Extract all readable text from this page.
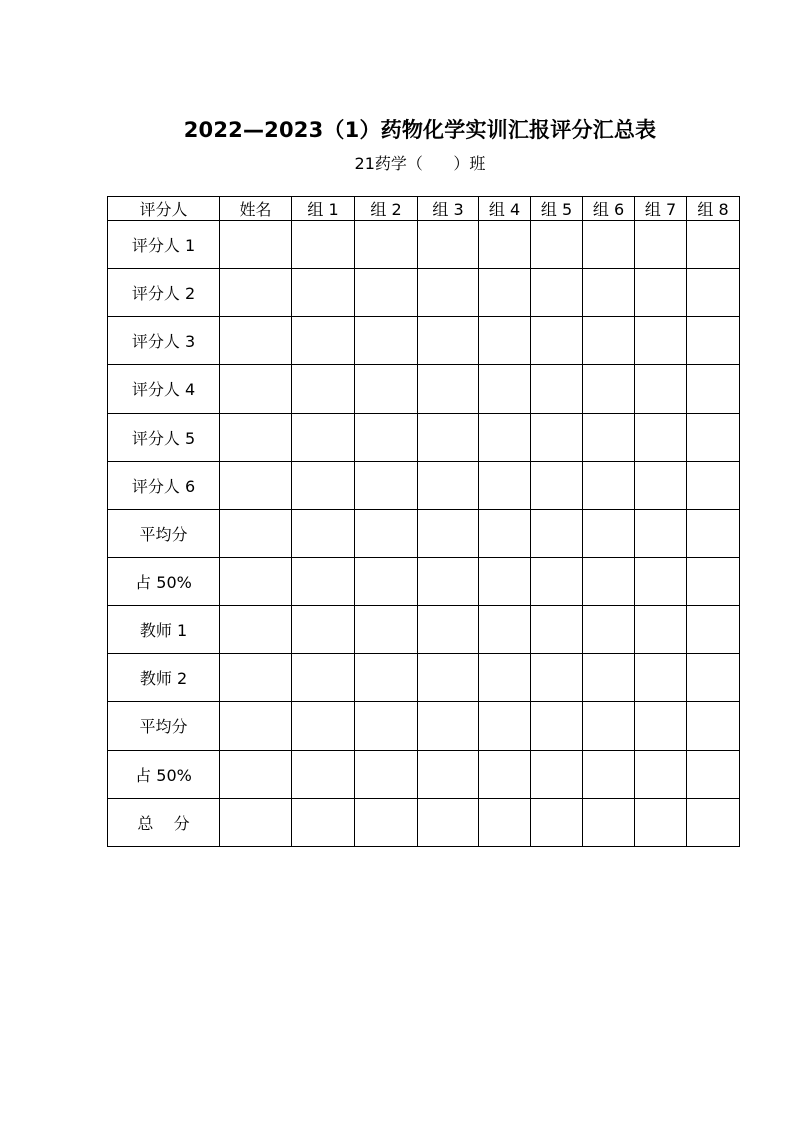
2022—2023（1）药物化学实训汇报评分汇总表
21药学（      ）班
评分人	姓名	组 1	组 2	组 3	组 4	组 5	组 6	组 7	组 8
评分人 1									
评分人 2									
评分人 3									
评分人 4									
评分人 5									
评分人 6									
平均分									
占 50%									
教师 1									
教师 2									
平均分									
占 50%									
总    分									
